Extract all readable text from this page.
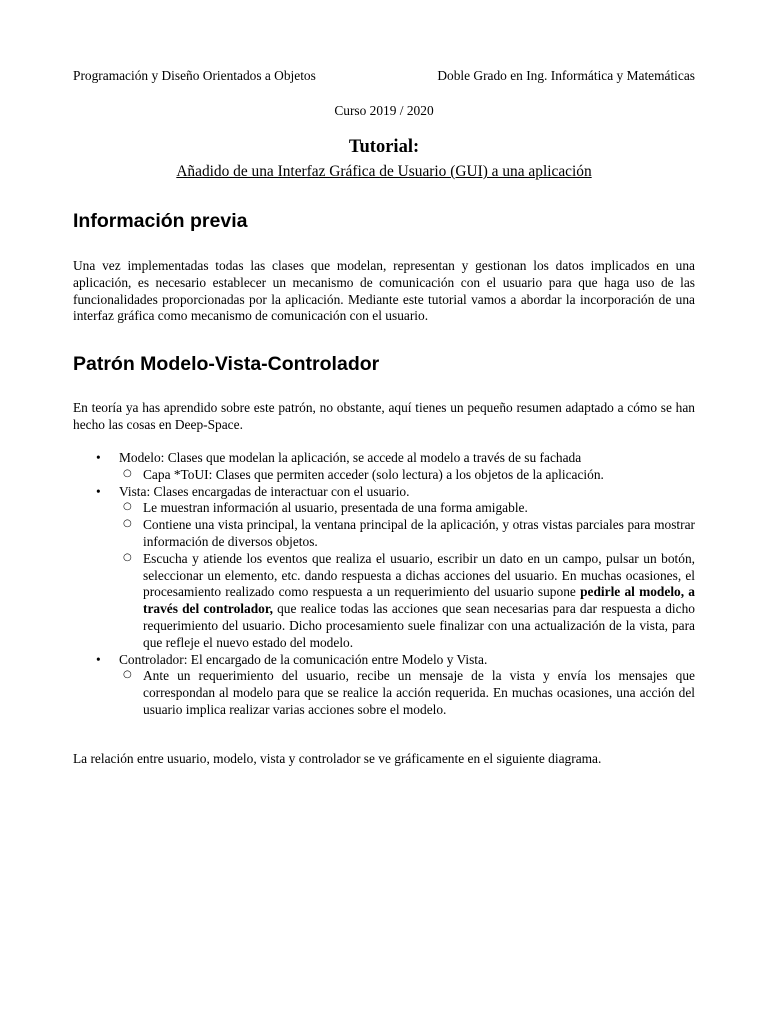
Programación y Diseño Orientados a Objetos	Doble Grado en Ing. Informática y Matemáticas
Curso 2019 / 2020
Tutorial:
Añadido de una Interfaz Gráfica de Usuario (GUI) a una aplicación
Información previa

Una vez implementadas todas las clases que modelan, representan y gestionan los datos implicados en una aplicación, es necesario establecer un mecanismo de comunicación con el usuario para que haga uso de las funcionalidades proporcionadas por la aplicación. Mediante este tutorial vamos a abordar la incorporación de una interfaz gráfica como mecanismo de comunicación con el usuario.

Patrón Modelo-Vista-Controlador

En teoría ya has aprendido sobre este patrón, no obstante, aquí tienes un pequeño resumen adaptado a cómo se han hecho las cosas en Deep-Space.

• Modelo: Clases que modelan la aplicación, se accede al modelo a través de su fachada
○ Capa *ToUI: Clases que permiten acceder (solo lectura) a los objetos de la aplicación.
• Vista: Clases encargadas de interactuar con el usuario.
○ Le muestran información al usuario, presentada de una forma amigable.
○ Contiene una vista principal, la ventana principal de la aplicación, y otras vistas parciales para mostrar información de diversos objetos.
○ Escucha y atiende los eventos que realiza el usuario, escribir un dato en un campo, pulsar un botón, seleccionar un elemento, etc. dando respuesta a dichas acciones del usuario. En muchas ocasiones, el procesamiento realizado como respuesta a un requerimiento del usuario supone pedirle al modelo, a través del controlador, que realice todas las acciones que sean necesarias para dar respuesta a dicho requerimiento del usuario. Dicho procesamiento suele finalizar con una actualización de la vista, para que refleje el nuevo estado del modelo.
• Controlador: El encargado de la comunicación entre Modelo y Vista.
○ Ante un requerimiento del usuario, recibe un mensaje de la vista y envía los mensajes que correspondan al modelo para que se realice la acción requerida. En muchas ocasiones, una acción del usuario implica realizar varias acciones sobre el modelo.

La relación entre usuario, modelo, vista y controlador se ve gráficamente en el siguiente diagrama.
